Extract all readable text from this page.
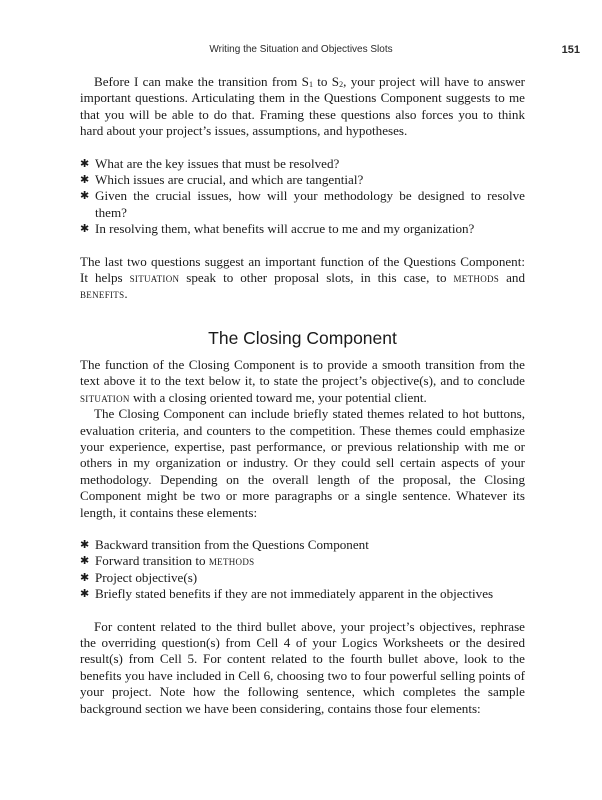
Writing the Situation and Objectives Slots	151

Before I can make the transition from $S_1$ to $S_2$, your project will have to answer important questions. Articulating them in the Questions Component suggests to me that you will be able to do that. Framing these questions also forces you to think hard about your project’s issues, assumptions, and hypotheses.

✱ What are the key issues that must be resolved?
✱ Which issues are crucial, and which are tangential?
✱ Given the crucial issues, how will your methodology be designed to resolve them?
✱ In resolving them, what benefits will accrue to me and my organization?

The last two questions suggest an important function of the Questions Component: It helps situation speak to other proposal slots, in this case, to methods and benefits.

The Closing Component

The function of the Closing Component is to provide a smooth transition from the text above it to the text below it, to state the project’s objective(s), and to conclude situation with a closing oriented toward me, your potential client.

The Closing Component can include briefly stated themes related to hot buttons, evaluation criteria, and counters to the competition. These themes could emphasize your experience, expertise, past performance, or previous relationship with me or others in my organization or industry. Or they could sell certain aspects of your methodology. Depending on the overall length of the proposal, the Closing Component might be two or more paragraphs or a single sentence. Whatever its length, it contains these elements:

✱ Backward transition from the Questions Component
✱ Forward transition to methods
✱ Project objective(s)
✱ Briefly stated benefits if they are not immediately apparent in the objectives

For content related to the third bullet above, your project’s objectives, rephrase the overriding question(s) from Cell 4 of your Logics Worksheets or the desired result(s) from Cell 5. For content related to the fourth bullet above, look to the benefits you have included in Cell 6, choosing two to four powerful selling points of your project. Note how the following sentence, which completes the sample background section we have been considering, contains those four elements:
